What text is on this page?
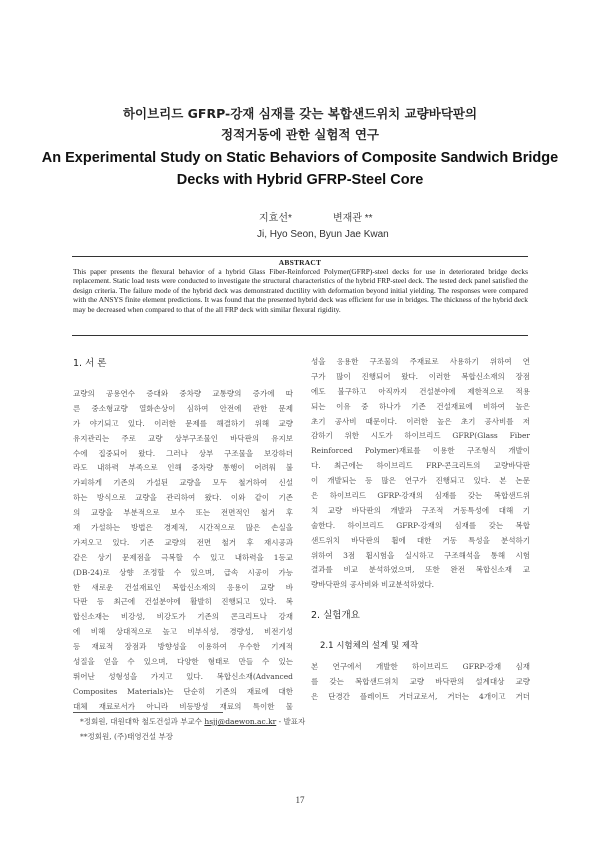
하이브리드 GFRP-강재 심재를 갖는 복합샌드위치 교량바닥판의
정적거동에 관한 실험적 연구
An Experimental Study on Static Behaviors of Composite Sandwich Bridge
Decks with Hybrid GFRP-Steel Core
지효선*	변재관 **
Ji, Hyo Seon, Byun Jae Kwan
ABSTRACT
This paper presents the flexural behavior of a hybrid Glass Fiber-Reinforced Polymer(GFRP)-steel decks for use in deteriorated bridge decks replacement. Static load tests were conducted to investigate the structural characteristics of the hybrid FRP-steel deck. The tested deck panel satisfied the design criteria. The failure mode of the hybrid deck was demonstrated ductility with deformation beyond initial yielding. The responses were compared with the ANSYS finite element predictions. It was found that the presented hybrid deck was efficient for use in bridges. The thickness of the hybrid deck may be decreased when compared to that of the all FRP deck with similar flexural rigidity.
1. 서 론
교량의 공용연수 증대와 중차량 교통량의 증가에 따
른 중소형교량 열화손상이 심하여 안전에 관한 문제
가 야기되고 있다. 이러한 문제를 해결하기 위해 교량
유지관리는 주로 교량 상부구조물인 바닥판의 유지보
수에 집중되어 왔다. 그러나 상부 구조물을 보강하더
라도 내하력 부족으로 인해 중차량 통행이 어려워 불
가피하게 기존의 가설된 교량을 모두 철거하여 신설
하는 방식으로 교량을 관리하여 왔다. 이와 같이 기존
의 교량을 부분적으로 보수 또는 전면적인 철거 후
재 가설하는 방법은 경제적, 시간적으로 많은 손실을
가져오고 있다. 기존 교량의 전면 철거 후 재시공과
같은 상기 문제점을 극복할 수 있고 내하력을 1등교
(DB-24)로 상향 조정할 수 있으며, 급속 시공이 가능
한 새로운 건설재료인 복합신소재의 응용이 교량 바
닥판 등 최근에 건설분야에 활발히 진행되고 있다. 복
합신소재는 비강성, 비강도가 기존의 콘크리트나 강재
에 비해 상대적으로 높고 비부식성, 경량성, 비전기성
등 재료적 장점과 방향성을 이용하여 우수한 기계적
성질을 얻을 수 있으며, 다양한 형태로 만들 수 있는
뛰어난 성형성을 가지고 있다. 복합신소재(Advanced
Composites Materials)는 단순히 기존의 재료에 대한
대체 재료로서가 아니라 비등방성 재료의 특이한 물
성을 응용한 구조물의 주재료로 사용하기 위하여 연
구가 많이 진행되어 왔다. 이러한 복합신소재의 장점
에도 불구하고 아직까지 건설분야에 제한적으로 적용
되는 이유 중 하나가 기존 건설재료에 비하여 높은
초기 공사비 때문이다. 이러한 높은 초기 공사비를 저
감하기 위한 시도가 하이브리드 GFRP(Glass Fiber
Reinforced Polymer)재료를 이용한 구조형식 개발이
다. 최근에는 하이브리드 FRP-콘크리트의 교량바닥판
이 개발되는 등 많은 연구가 진행되고 있다. 본 논문
은 하이브리드 GFRP-강재의 심재를 갖는 복합샌드위
치 교량 바닥판의 개발과 구조적 거동특성에 대해 기
술한다. 하이브리드 GFRP-강재의 심재를 갖는 복합
샌드위치 바닥판의 휨에 대한 거동 특성을 분석하기
위하여 3점 휨시험을 실시하고 구조해석을 통해 시험
결과를 비교 분석하였으며, 또한 완전 복합신소재 교
량바닥판의 공사비와 비교분석하였다.
2. 실험개요
2.1 시험체의 설계 및 제작
본 연구에서 개발한 하이브리드 GFRP-강재 심재
를 갖는 복합샌드위치 교량 바닥판의 설계대상 교량
은 단경간 플레이트 거더교로서, 거더는 4개이고 거더
*정회원, 대원대학 철도건설과 부교수 hsjj@daewon.ac.kr - 발표자
**정회원, (주)태영건설 부장
17
